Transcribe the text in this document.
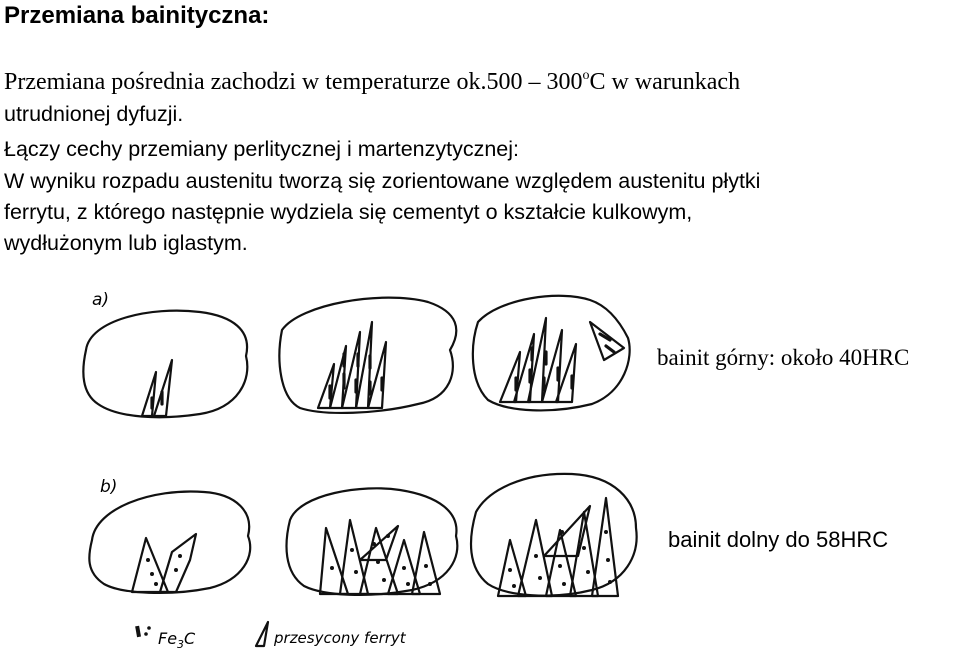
Przemiana bainityczna:
Przemiana pośrednia zachodzi w temperaturze ok.500 – 300$^o$C w warunkach
utrudnionej dyfuzji.
Łączy cechy przemiany perlitycznej i martenzytycznej:
W wyniku rozpadu austenitu tworzą się zorientowane względem austenitu płytki
ferrytu, z którego następnie wydziela się cementyt o kształcie kulkowym,
wydłużonym lub iglastym.
a)
b)
$Fe_3C$	przesycony ferryt
bainit górny: około 40HRC
bainit dolny do 58HRC
